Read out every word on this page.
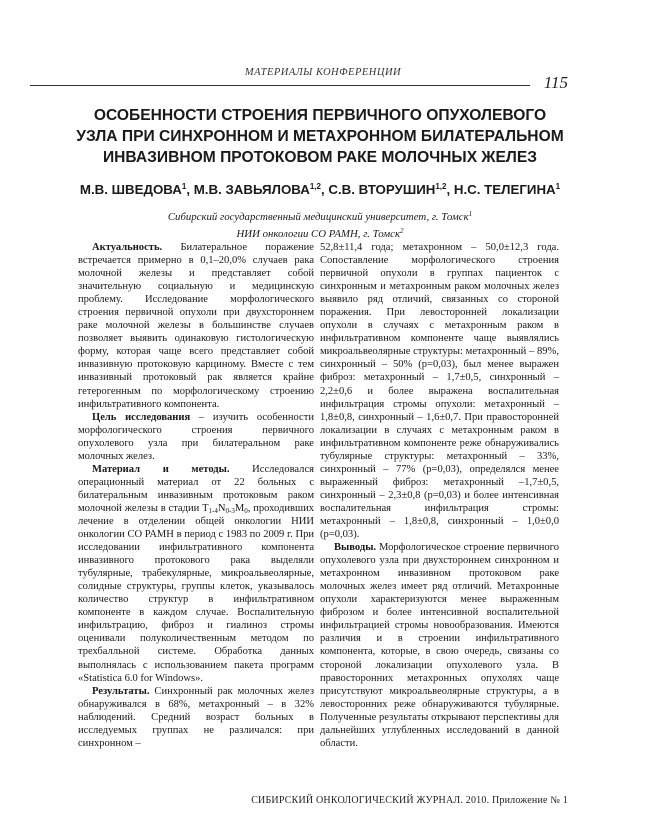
МАТЕРИАЛЫ КОНФЕРЕНЦИИ
115
ОСОБЕННОСТИ СТРОЕНИЯ ПЕРВИЧНОГО ОПУХОЛЕВОГО
УЗЛА ПРИ СИНХРОННОМ И МЕТАХРОННОМ БИЛАТЕРАЛЬНОМ
ИНВАЗИВНОМ ПРОТОКОВОМ РАКЕ МОЛОЧНЫХ ЖЕЛЕЗ
М.В. ШВЕДОВА$^1$, М.В. ЗАВЬЯЛОВА$^{1,2}$, С.В. ВТОРУШИН$^{1,2}$, Н.С. ТЕЛЕГИНА$^1$
Сибирский государственный медицинский университет, г. Томск$^1$
НИИ онкологии СО РАМН, г. Томск$^2$

Актуальность. Билатеральное поражение встречается примерно в 0,1–20,0% случаев рака молочной железы и представляет собой значительную социальную и медицинскую проблему. Исследование морфологического строения первичной опухоли при двухстороннем раке молочной железы в большинстве случаев позволяет выявить одинаковую гистологическую форму, которая чаще всего представляет собой инвазивную протоковую карциному. Вместе с тем инвазивный протоковый рак является крайне гетерогенным по морфологическому строению инфильтративного компонента.

Цель исследования – изучить особенности морфологического строения первичного опухолевого узла при билатеральном раке молочных желез.

Материал и методы. Исследовался операционный материал от 22 больных с билатеральным инвазивным протоковым раком молочной железы в стадии $T_{1-4}N_{0-3}M_0$, проходивших лечение в отделении общей онкологии НИИ онкологии СО РАМН в период с 1983 по 2009 г. При исследовании инфильтративного компонента инвазивного протокового рака выделяли тубулярные, трабекулярные, микроальвеолярные, солидные структуры, группы клеток, указывалось количество структур в инфильтративном компоненте в каждом случае. Воспалительную инфильтрацию, фиброз и гиалиноз стромы оценивали полуколичественным методом по трехбалльной системе. Обработка данных выполнялась с использованием пакета программ «Statistica 6.0 for Windows».

Результаты. Синхронный рак молочных желез обнаруживался в 68%, метахронный – в 32% наблюдений. Средний возраст больных в исследуемых группах не различался: при синхронном –

52,8±11,4 года; метахронном – 50,0±12,3 года. Сопоставление морфологического строения первичной опухоли в группах пациенток с синхронным и метахронным раком молочных желез выявило ряд отличий, связанных со стороной поражения. При левосторонней локализации опухоли в случаях с метахронным раком в инфильтративном компоненте чаще выявлялись микроальвеолярные структуры: метахронный – 89%, синхронный – 50% (p=0,03), был менее выражен фиброз: метахронный – 1,7±0,5, синхронный – 2,2±0,6 и более выражена воспалительная инфильтрация стромы опухоли: метахронный – 1,8±0,8, синхронный – 1,6±0,7. При правосторонней локализации в случаях с метахронным раком в инфильтративном компоненте реже обнаруживались тубулярные структуры: метахронный – 33%, синхронный – 77% (p=0,03), определялся менее выраженный фиброз: метахронный –1,7±0,5, синхронный – 2,3±0,8 (p=0,03) и более интенсивная воспалительная инфильтрация стромы: метахронный – 1,8±0,8, синхронный – 1,0±0,0 (p=0,03).

Выводы. Морфологическое строение первичного опухолевого узла при двухстороннем синхронном и метахронном инвазивном протоковом раке молочных желез имеет ряд отличий. Метахронные опухоли характеризуются менее выраженным фиброзом и более интенсивной воспалительной инфильтрацией стромы новообразования. Имеются различия и в строении инфильтративного компонента, которые, в свою очередь, связаны со стороной локализации опухолевого узла. В правосторонних метахронных опухолях чаще присутствуют микроальвеолярные структуры, а в левосторонних реже обнаруживаются тубулярные. Полученные результаты открывают перспективы для дальнейших углубленных исследований в данной области.

СИБИРСКИЙ ОНКОЛОГИЧЕСКИЙ ЖУРНАЛ. 2010. Приложение № 1
